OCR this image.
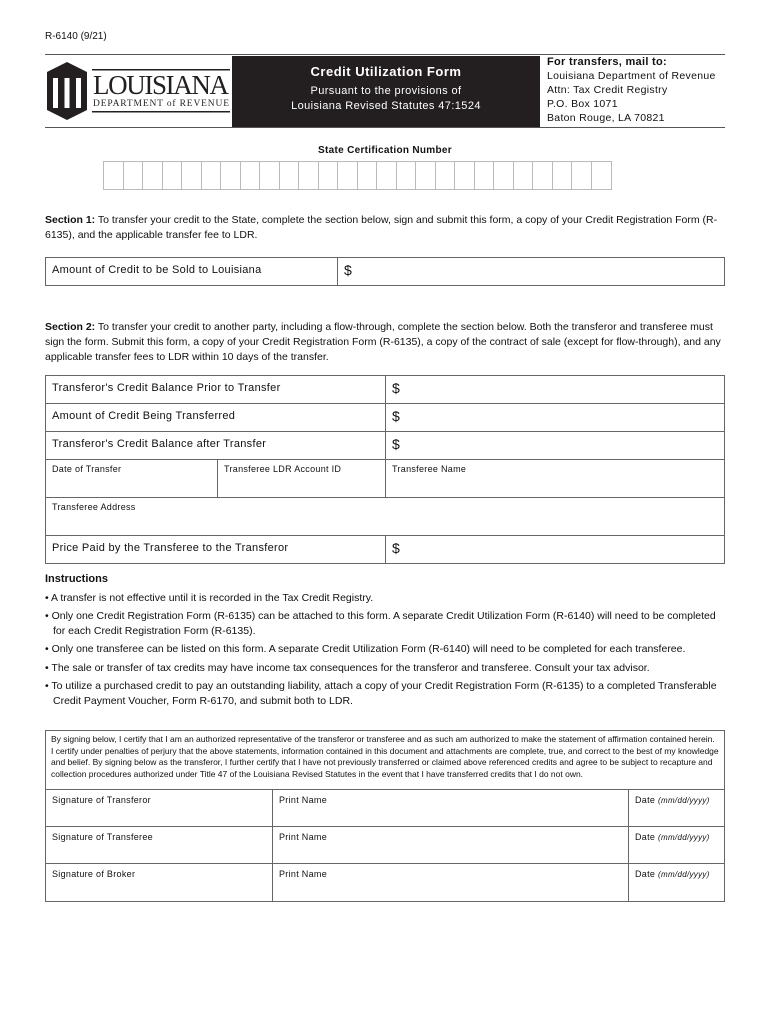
R-6140 (9/21)
LOUISIANA
DEPARTMENT of REVENUE
Credit Utilization Form
Pursuant to the provisions of
Louisiana Revised Statutes 47:1524
For transfers, mail to:
Louisiana Department of Revenue
Attn: Tax Credit Registry
P.O. Box 1071
Baton Rouge, LA 70821
State Certification Number
Section 1: To transfer your credit to the State, complete the section below, sign and submit this form, a copy of your Credit Registration Form (R-6135), and the applicable transfer fee to LDR.
Amount of Credit to be Sold to Louisiana	$
Section 2: To transfer your credit to another party, including a flow-through, complete the section below. Both the transferor and transferee must sign the form. Submit this form, a copy of your Credit Registration Form (R-6135), a copy of the contract of sale (except for flow-through), and any applicable transfer fees to LDR within 10 days of the transfer.
Transferor's Credit Balance Prior to Transfer	$
Amount of Credit Being Transferred	$
Transferor's Credit Balance after Transfer	$
Date of Transfer	Transferee LDR Account ID	Transferee Name
Transferee Address
Price Paid by the Transferee to the Transferor	$
Instructions

• A transfer is not effective until it is recorded in the Tax Credit Registry.

• Only one Credit Registration Form (R-6135) can be attached to this form. A separate Credit Utilization Form (R-6140) will need to be completed for each Credit Registration Form (R-6135).

• Only one transferee can be listed on this form. A separate Credit Utilization Form (R-6140) will need to be completed for each transferee.

• The sale or transfer of tax credits may have income tax consequences for the transferor and transferee. Consult your tax advisor.

• To utilize a purchased credit to pay an outstanding liability, attach a copy of your Credit Registration Form (R-6135) to a completed Transferable Credit Payment Voucher, Form R-6170, and submit both to LDR.

By signing below, I certify that I am an authorized representative of the transferor or transferee and as such am authorized to make the statement of affirmation contained herein. I certify under penalties of perjury that the above statements, information contained in this document and attachments are complete, true, and correct to the best of my knowledge and belief. By signing below as the transferor, I further certify that I have not previously transferred or claimed above referenced credits and agree to be subject to recapture and collection procedures authorized under Title 47 of the Louisiana Revised Statutes in the event that I have transferred credits that I do not own.
Signature of Transferor	Print Name	Date (mm/dd/yyyy)
Signature of Transferee	Print Name	Date (mm/dd/yyyy)
Signature of Broker	Print Name	Date (mm/dd/yyyy)
